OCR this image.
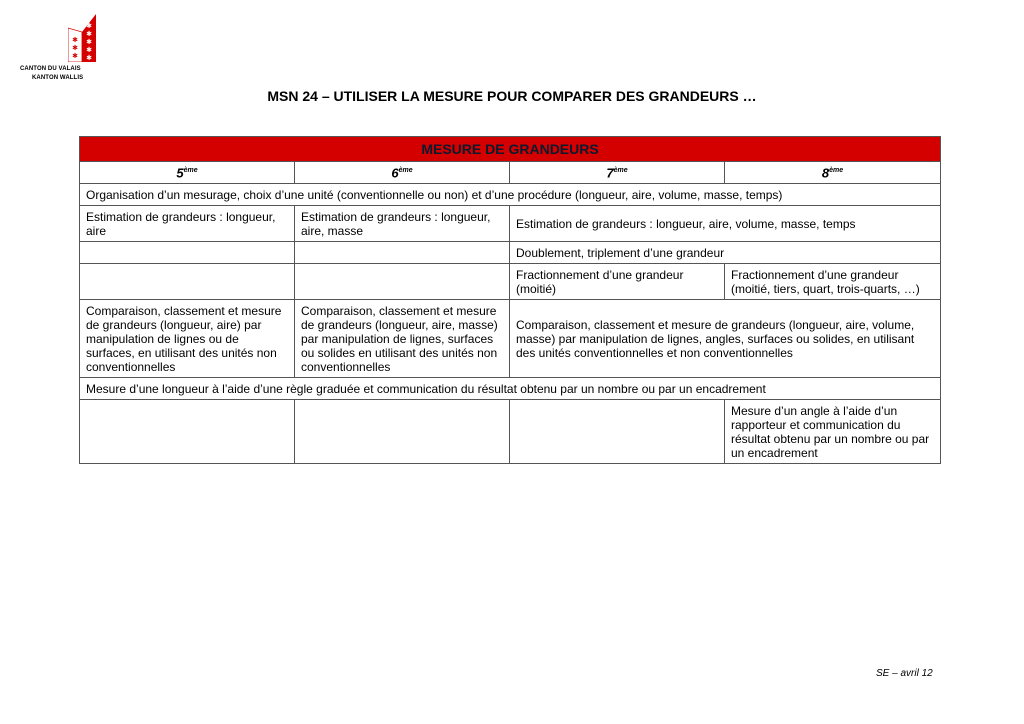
✱
✱
✱
✱
✱
✱
✱
✱
CANTON DU VALAIS
KANTON WALLIS
MSN 24 – UTILISER LA MESURE POUR COMPARER DES GRANDEURS …
MESURE DE GRANDEURS			
5ème	6ème	7ème	8ème
Organisation d’un mesurage, choix d’une unité (conventionnelle ou non) et d’une procédure (longueur, aire, volume, masse, temps)			
Estimation de grandeurs : longueur, aire	Estimation de grandeurs : longueur, aire, masse	Estimation de grandeurs : longueur, aire, volume, masse, temps	
		Doublement, triplement d’une grandeur	
		Fractionnement d’une grandeur (moitié)	Fractionnement d’une grandeur (moitié, tiers, quart, trois-quarts, …)
Comparaison, classement et mesure de grandeurs (longueur, aire) par manipulation de lignes ou de surfaces, en utilisant des unités non conventionnelles	Comparaison, classement et mesure de grandeurs (longueur, aire, masse) par manipulation de lignes, surfaces ou solides en utilisant des unités non conventionnelles	Comparaison, classement et mesure de grandeurs (longueur, aire, volume, masse) par manipulation de lignes, angles, surfaces ou solides, en utilisant des unités conventionnelles et non conventionnelles	
Mesure d’une longueur à l’aide d’une règle graduée et communication du résultat obtenu par un nombre ou par un encadrement			
			Mesure d’un angle à l’aide d’un rapporteur et communication du résultat obtenu par un nombre ou par un encadrement
SE – avril 12
